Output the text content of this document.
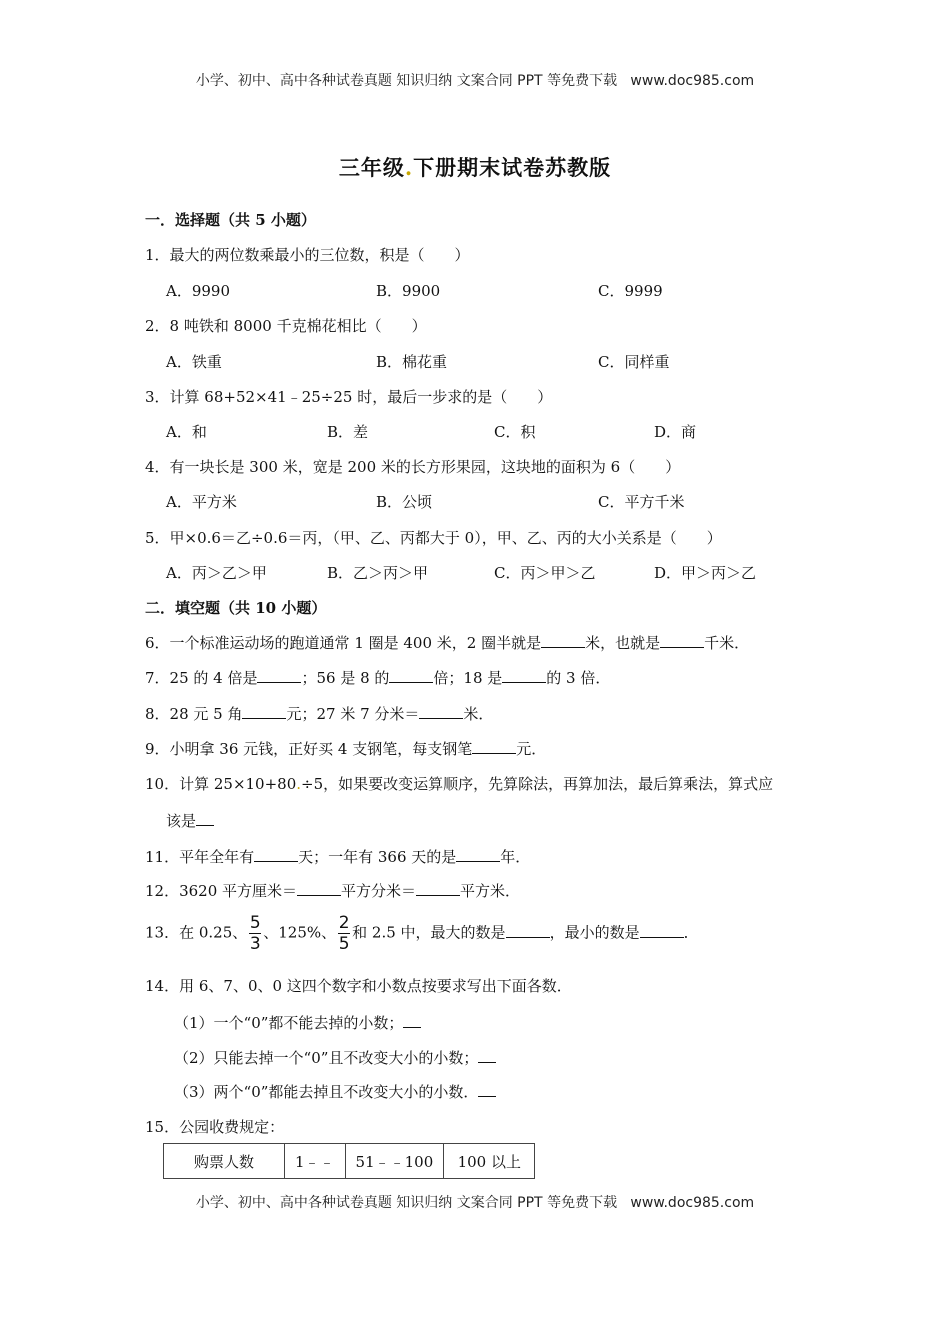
小学、初中、高中各种试卷真题 知识归纳 文案合同 PPT 等免费下载   www.doc985.com
三年级.下册期末试卷苏教版
一．选择题（共 5 小题）
1．最大的两位数乘最小的三位数，积是（　　）
A．9990	B．9900	C．9999
2．8 吨铁和 8000 千克棉花相比（　　）
A．铁重	B．棉花重	C．同样重
3．计算 68+52×41﹣25÷25 时，最后一步求的是（　　）
A．和	B．差	C．积	D．商
4．有一块长是 300 米，宽是 200 米的长方形果园，这块地的面积为 6（　　）
A．平方米	B．公顷	C．平方千米
5．甲×0.6＝乙÷0.6＝丙，（甲、乙、丙都大于 0），甲、乙、丙的大小关系是（　　）
A．丙＞乙＞甲	B．乙＞丙＞甲	C．丙＞甲＞乙	D．甲＞丙＞乙
二．填空题（共 10 小题）
6．一个标准运动场的跑道通常 1 圈是 400 米，2 圈半就是	米，也就是	千米．
7．25 的 4 倍是	；56 是 8 的	倍；18 是	的 3 倍．
8．28 元 5 角	元；27 米 7 分米＝	米．
9．小明拿 36 元钱，正好买 4 支钢笔，每支钢笔	元．
10．计算 25×10+80.÷5，如果要改变运算顺序，先算除法，再算加法，最后算乘法，算式应
该是
11．平年全年有	天；一年有 366 天的是	年．
12．3620 平方厘米＝	平方分米＝	平方米．
13．在 0.25、 $\frac{5}{3}$ 、125%、 $\frac{2}{5}$ 和 2.5 中，最大的数是	，最小的数是	．
14．用 6、7、0、0 这四个数字和小数点按要求写出下面各数．
（1）一个“0”都不能去掉的小数；
（2）只能去掉一个“0”且不改变大小的小数；
（3）两个“0”都能去掉且不改变大小的小数．
15．公园收费规定：
购票人数	1﹣﹣	51﹣﹣100	100 以上
小学、初中、高中各种试卷真题 知识归纳 文案合同 PPT 等免费下载   www.doc985.com
